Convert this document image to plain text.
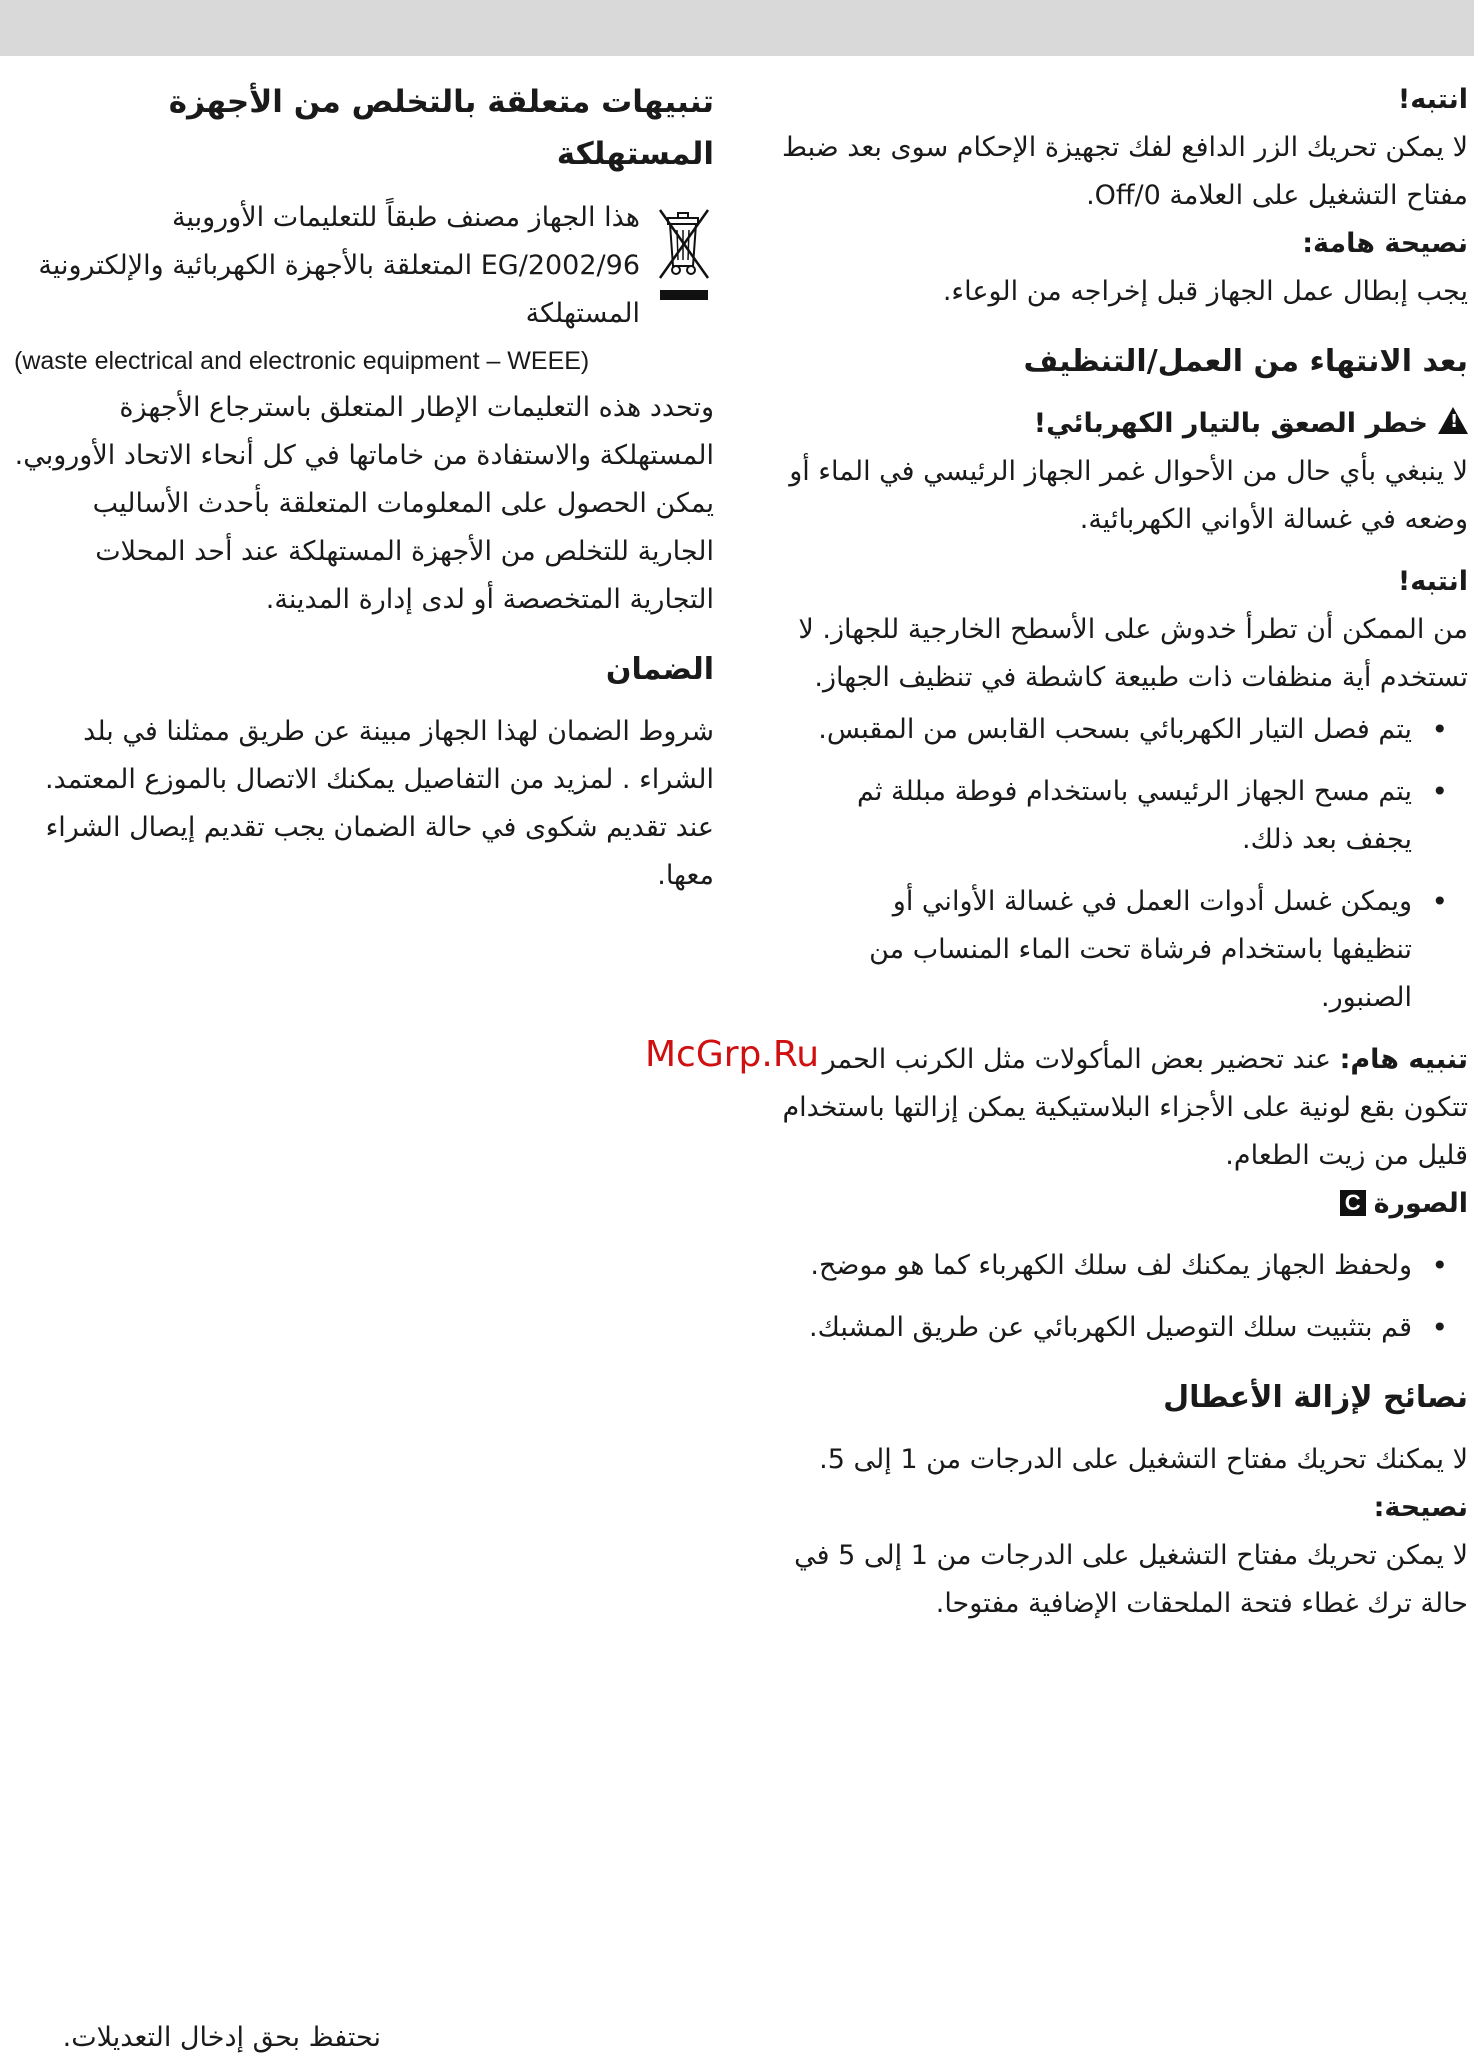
انتبه!

لا يمكن تحريك الزر الدافع لفك تجهيزة الإحكام سوى بعد ضبط مفتاح التشغيل على العلامة Off/0.

نصيحة هامة:

يجب إبطال عمل الجهاز قبل إخراجه من الوعاء.

بعد الانتهاء من العمل/التنظيف

!خطر الصعق بالتيار الكهربائي!

لا ينبغي بأي حال من الأحوال غمر الجهاز الرئيسي في الماء أو وضعه في غسالة الأواني الكهربائية.

انتبه!

من الممكن أن تطرأ خدوش على الأسطح الخارجية للجهاز. لا تستخدم أية منظفات ذات طبيعة كاشطة في تنظيف الجهاز.

• يتم فصل التيار الكهربائي بسحب القابس من المقبس.
• يتم مسح الجهاز الرئيسي باستخدام فوطة مبللة ثم يجفف بعد ذلك.
• ويمكن غسل أدوات العمل في غسالة الأواني أو تنظيفها باستخدام فرشاة تحت الماء المنساب من الصنبور.

تنبيه هام: عند تحضير بعض المأكولات مثل الكرنب الحمر تتكون بقع لونية على الأجزاء البلاستيكية يمكن إزالتها باستخدام قليل من زيت الطعام.

الصورةC

• ولحفظ الجهاز يمكنك لف سلك الكهرباء كما هو موضح.
• قم بتثبيت سلك التوصيل الكهربائي عن طريق المشبك.
نصائح لإزالة الأعطال

لا يمكنك تحريك مفتاح التشغيل على الدرجات من 1 إلى 5.

نصيحة:

لا يمكن تحريك مفتاح التشغيل على الدرجات من 1 إلى 5 في حالة ترك غطاء فتحة الملحقات الإضافية مفتوحا.

تنبيهات متعلقة بالتخلص من الأجهزة المستهلكة

هذا الجهاز مصنف طبقاً للتعليمات الأوروبية 2002/96/EG المتعلقة بالأجهزة الكهربائية والإلكترونية المستهلكة

(waste electrical and electronic equipment – WEEE)

وتحدد هذه التعليمات الإطار المتعلق باسترجاع الأجهزة المستهلكة والاستفادة من خاماتها في كل أنحاء الاتحاد الأوروبي. يمكن الحصول على المعلومات المتعلقة بأحدث الأساليب الجارية للتخلص من الأجهزة المستهلكة عند أحد المحلات التجارية المتخصصة أو لدى إدارة المدينة.

الضمان

شروط الضمان لهذا الجهاز مبينة عن طريق ممثلنا في بلد الشراء . لمزيد من التفاصيل يمكنك الاتصال بالموزع المعتمد. عند تقديم شكوى في حالة الضمان يجب تقديم إيصال الشراء معها.

McGrp.Ru
نحتفظ بحق إدخال التعديلات.
